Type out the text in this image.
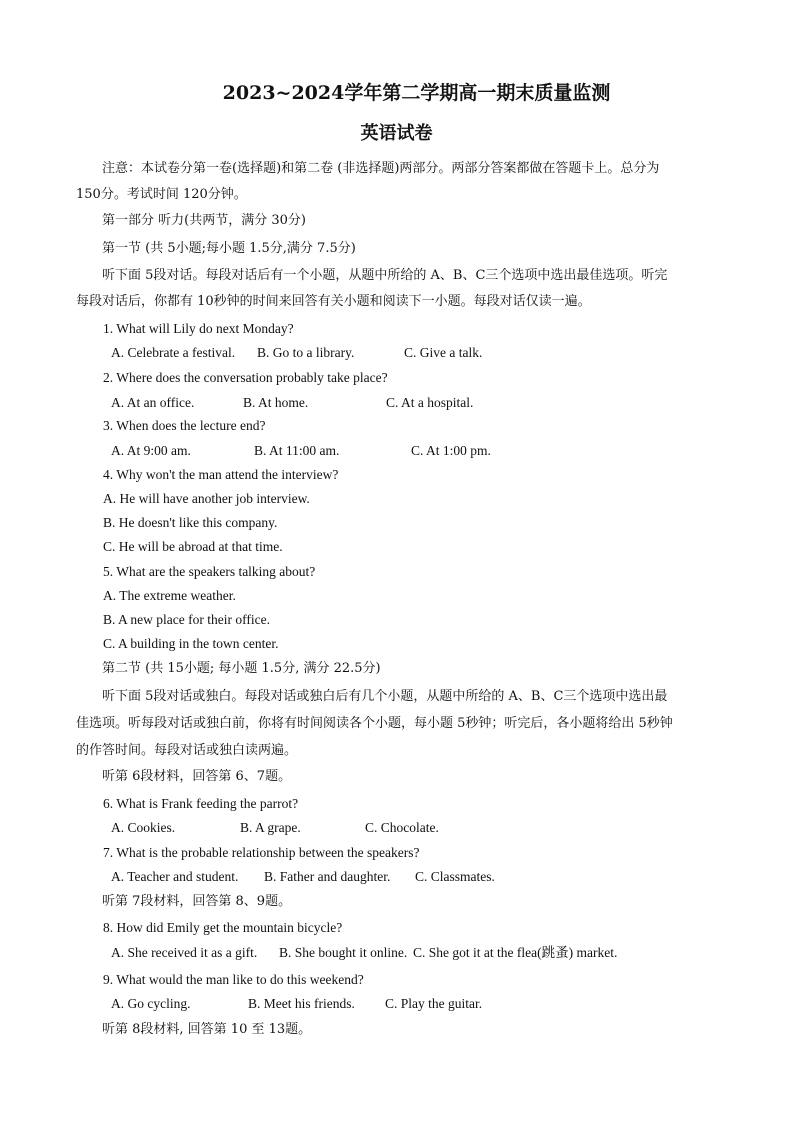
2023~2024学年第二学期高一期末质量监测
英语试卷
注意：本试卷分第一卷(选择题)和第二卷 (非选择题)两部分。两部分答案都做在答题卡上。总分为
150分。考试时间 120分钟。
第一部分 听力(共两节，满分 30分)
第一节 (共 5小题;每小题 1.5分,满分 7.5分)
听下面 5段对话。每段对话后有一个小题，从题中所给的 A、B、C三个选项中选出最佳选项。听完
每段对话后，你都有 10秒钟的时间来回答有关小题和阅读下一小题。每段对话仅读一遍。
1. What will Lily do next Monday?
A. Celebrate a festival. B. Go to a library.	C. Give a talk.
2. Where does the conversation probably take place?
A. At an office.	B. At home.	C. At a hospital.
3. When does the lecture end?
A. At 9:00 am.	B. At 11:00 am.	C. At 1:00 pm.
4. Why won't the man attend the interview?
A. He will have another job interview.
B. He doesn't like this company.
C. He will be abroad at that time.
5. What are the speakers talking about?
A. The extreme weather.
B. A new place for their office.
C. A building in the town center.
第二节 (共 15小题; 每小题 1.5分, 满分 22.5分)
听下面 5段对话或独白。每段对话或独白后有几个小题，从题中所给的 A、B、C三个选项中选出最
佳选项。听每段对话或独白前，你将有时间阅读各个小题，每小题 5秒钟；听完后，各小题将给出 5秒钟
的作答时间。每段对话或独白读两遍。
听第 6段材料，回答第 6、7题。
6. What is Frank feeding the parrot?
A. Cookies.	B. A grape.	C. Chocolate.
7. What is the probable relationship between the speakers?
A. Teacher and student. B. Father and daughter. C. Classmates.
听第 7段材料，回答第 8、9题。
8. How did Emily get the mountain bicycle?
A. She received it as a gift. B. She bought it online. C. She got it at the flea(跳蚤) market.
9. What would the man like to do this weekend?
A. Go cycling.	B. Meet his friends. C. Play the guitar.
听第 8段材料, 回答第 10 至 13题。
